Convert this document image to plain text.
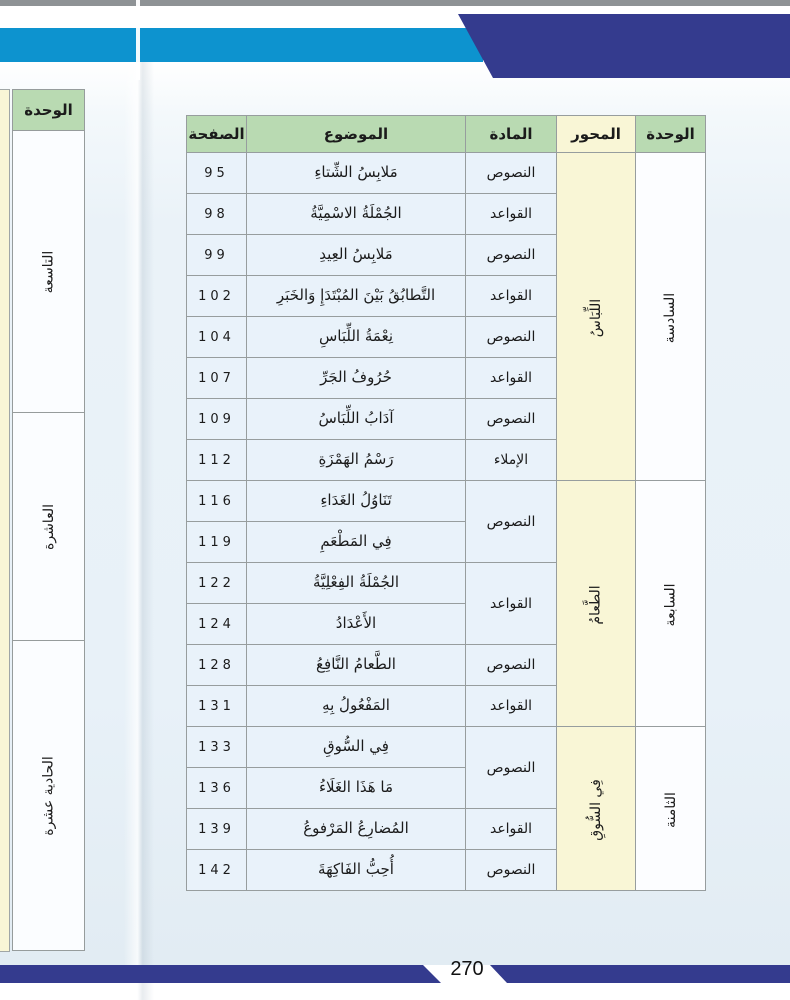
الوحدة
التاسعة
العاشرة
الحادية عشرة
الوحدة	المحور	المادة	الموضوع	الصفحة
السادسة	اللِّبَاسُ	النصوص	مَلابِسُ الشِّتاءِ	95
		القواعد	الجُمْلَةُ الاسْمِيَّةُ	98
		النصوص	مَلابِسُ العِيدِ	99
		القواعد	التَّطابُقُ بَيْنَ المُبْتَدَإِ وَالخَبَرِ	102
		النصوص	نِعْمَةُ اللِّبَاسِ	104
		القواعد	حُرُوفُ الجَرِّ	107
		النصوص	آدَابُ اللِّبَاسُ	109
		الإملاء	رَسْمُ الهَمْزَةِ	112
السابعة	الطَّعامُ	النصوص	تَنَاوُلُ الغَدَاءِ	116
			فِي المَطْعَمِ	119
		القواعد	الجُمْلَةُ الفِعْلِيَّةُ	122
			الأَعْدَادُ	124
		النصوص	الطَّعامُ النَّافِعُ	128
		القواعد	المَفْعُولُ بِهِ	131
الثامنة	فِي السُّوقِ	النصوص	فِي السُّوقِ	133
			مَا هَذَا الغَلَاءُ	136
		القواعد	المُضارِعُ المَرْفوعُ	139
		النصوص	أُحِبُّ الفَاكِهَةَ	142
270
